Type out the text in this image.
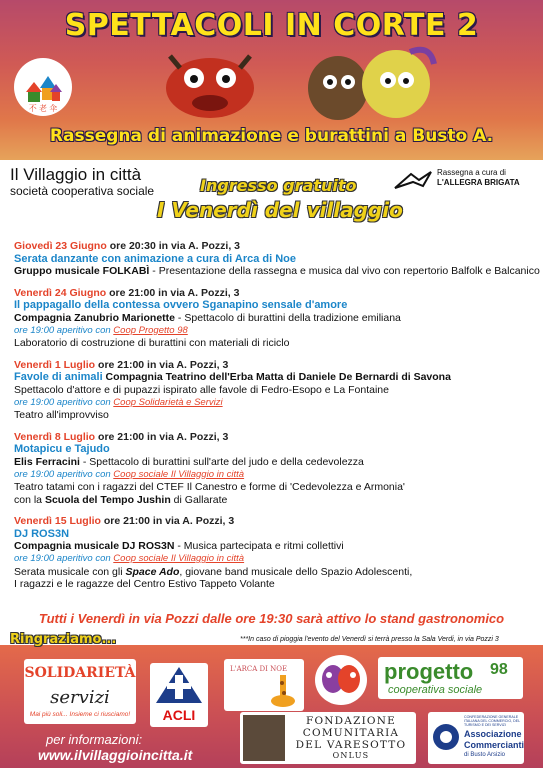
不 老 伞
SPETTACOLI IN CORTE 2
Rassegna di animazione e burattini a Busto A.
Il Villaggio in città
società cooperativa sociale	Ingresso gratuito
I Venerdì del villaggio
Rassegna a cura di
L'ALLEGRA BRIGATA
Giovedì 23 Giugno ore 20:30 in via A. Pozzi, 3
Serata danzante con animazione a cura di Arca di Noe
Gruppo musicale FOLKABÌ - Presentazione della rassegna e musica dal vivo con repertorio Balfolk e Balcanico
Venerdì 24 Giugno ore 21:00 in via A. Pozzi, 3
Il pappagallo della contessa ovvero Sganapino sensale d'amore
Compagnia Zanubrio Marionette - Spettacolo di burattini della tradizione emiliana
ore 19:00 aperitivo con Coop Progetto 98
Laboratorio di costruzione di burattini con materiali di riciclo
Venerdì 1 Luglio ore 21:00 in via A. Pozzi, 3
Favole di animali Compagnia Teatrino dell'Erba Matta di Daniele De Bernardi di Savona
Spettacolo d'attore e di pupazzi ispirato alle favole di Fedro-Esopo e La Fontaine
ore 19:00 aperitivo con Coop Solidarietà e Servizi
Teatro all'improvviso
Venerdì 8 Luglio ore 21:00 in via A. Pozzi, 3
Motapicu e Tajudo
Elis Ferracini - Spettacolo di burattini sull'arte del judo e della cedevolezza
ore 19:00 aperitivo con Coop sociale Il Villaggio in città
Teatro tatami con i ragazzi del CTEF Il Canestro e forme di 'Cedevolezza e Armonia'
con la Scuola del Tempo Jushin di Gallarate
Venerdì 15 Luglio ore 21:00 in via A. Pozzi, 3
DJ ROS3N
Compagnia musicale DJ ROS3N - Musica partecipata e ritmi collettivi
ore 19:00 aperitivo con Coop sociale Il Villaggio in città
Serata musicale con gli Space Ado, giovane band musicale dello Spazio Adolescenti,
I ragazzi e le ragazze del Centro Estivo Tappeto Volante
Tutti i Venerdì in via Pozzi dalle ore 19:30 sarà attivo lo stand gastronomico
Ringraziamo...	***In caso di pioggia l'evento del Venerdì si terrà presso la Sala Verdi, in via Pozzi 3
SOLIDARIETÀ
servizi
Mai più soli... Insieme ci riusciamo!	ACLI
L'ARCA DI NOE	progetto 98
cooperativa sociale
FONDAZIONE
COMUNITARIA
DEL VARESOTTO
ONLUS
CONFEDERAZIONE GENERALE ITALIANA DEL COMMERCIO, DEL TURISMO E DEI SERVIZI
Associazione
Commercianti
di Busto Arsizio
per informazioni:
www.ilvillaggioincitta.it
